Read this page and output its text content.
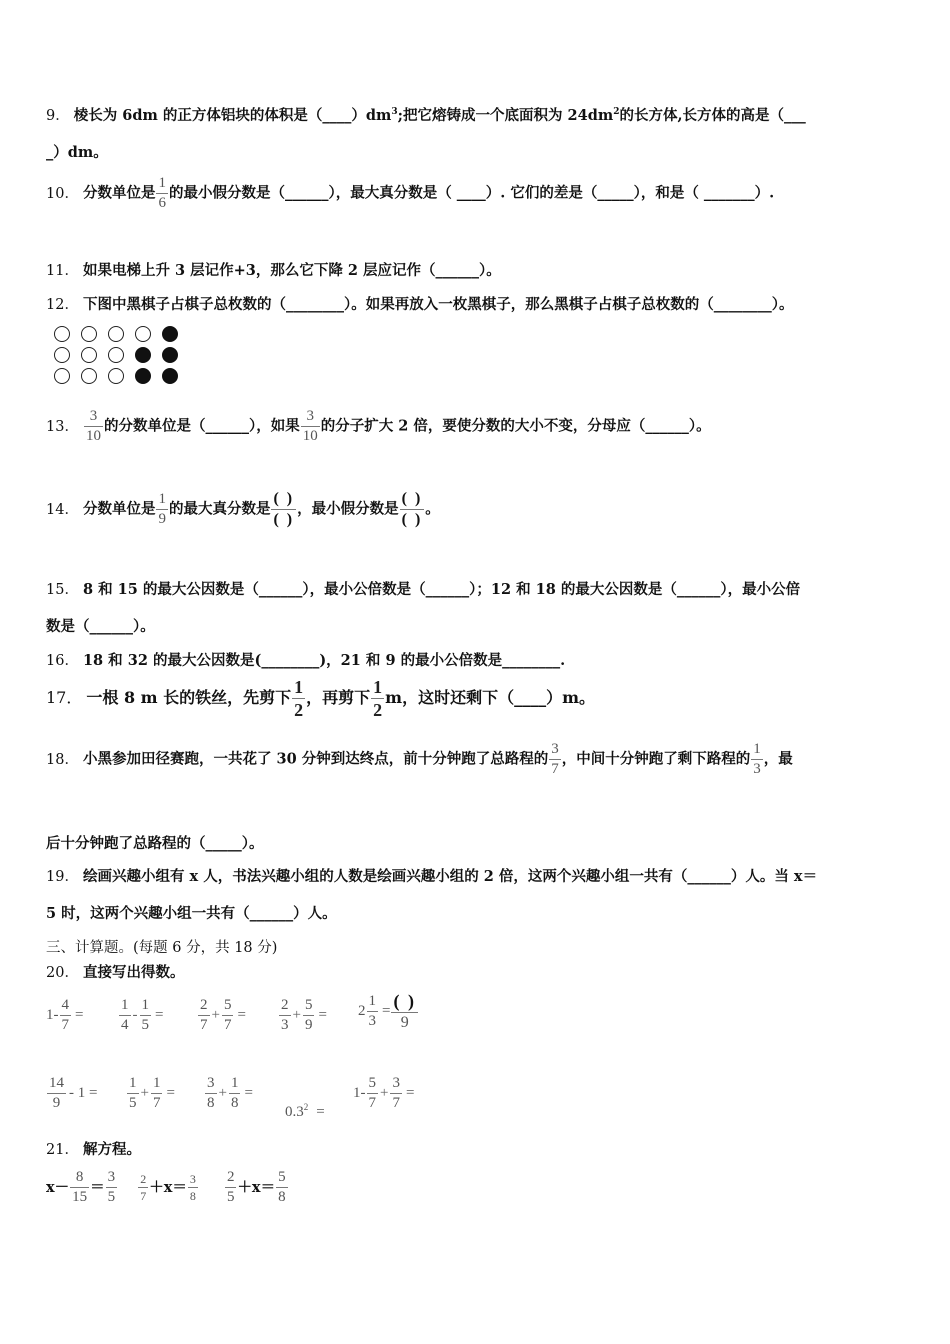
9． 棱长为 6dm 的正方体铝块的体积是$(\_\_\_\_)dm^3$;把它熔铸成一个底面积为 $24dm^2$的长方体,长方体的高是（___
_）dm。
10． 分数单位是 $\frac{1}{6}$ 的最小假分数是（______），最大真分数是（ ____）. 它们的差是（_____），和是（ _______）.
11． 如果电梯上升 3 层记作+3，那么它下降 2 层应记作（______）。
12． 下图中黑棋子占棋子总枚数的（________）。如果再放入一枚黑棋子，那么黑棋子占棋子总枚数的（________）。
13． $\frac{3}{10}$ 的分数单位是（______），如果 $\frac{3}{10}$ 的分子扩大 2 倍，要使分数的大小不变，分母应（______）。
14． 分数单位是 $\frac{1}{9}$ 的最大真分数是 $\frac{( )}{( )}$ ，最小假分数是 $\frac{( )}{( )}$ 。
15． 8 和 15 的最大公因数是（______），最小公倍数是（______）；12 和 18 的最大公因数是（______），最小公倍
数是（______）。
16． 18 和 32 的最大公因数是(________)，21 和 9 的最小公倍数是________.
17． 一根 8 m 长的铁丝，先剪下 $\frac{1}{2}$ ，再剪下 $\frac{1}{2}$ m，这时还剩下（____）m。
18． 小黑参加田径赛跑，一共花了 30 分钟到达终点，前十分钟跑了总路程的 $\frac{3}{7}$ ，中间十分钟跑了剩下路程的 $\frac{1}{3}$ ，最
后十分钟跑了总路程的（_____）。
19． 绘画兴趣小组有 x 人，书法兴趣小组的人数是绘画兴趣小组的 2 倍，这两个兴趣小组一共有（______）人。当 x＝
5 时，这两个兴趣小组一共有（______）人。
三、计算题。(每题 6 分，共 18 分)
20． 直接写出得数。
$1- \frac{4}{7} = \frac{1}{4} - \frac{1}{5} = \frac{2}{7} + \frac{5}{7} = \frac{2}{3} + \frac{5}{9} = 2 \frac{1}{3} = \frac{( )}{9}$
$\frac{14}{9} - 1 = \frac{1}{5} + \frac{1}{7} = \frac{3}{8} + \frac{1}{8}$ =
$0.3^2$ =
$1- \frac{5}{7} + \frac{3}{7}$ =
21． 解方程。
$x- \frac{8}{15} = \frac{3}{5}$
$\frac{2}{7} +x= \frac{3}{8}$
$\frac{2}{5} +x= \frac{5}{8}$
